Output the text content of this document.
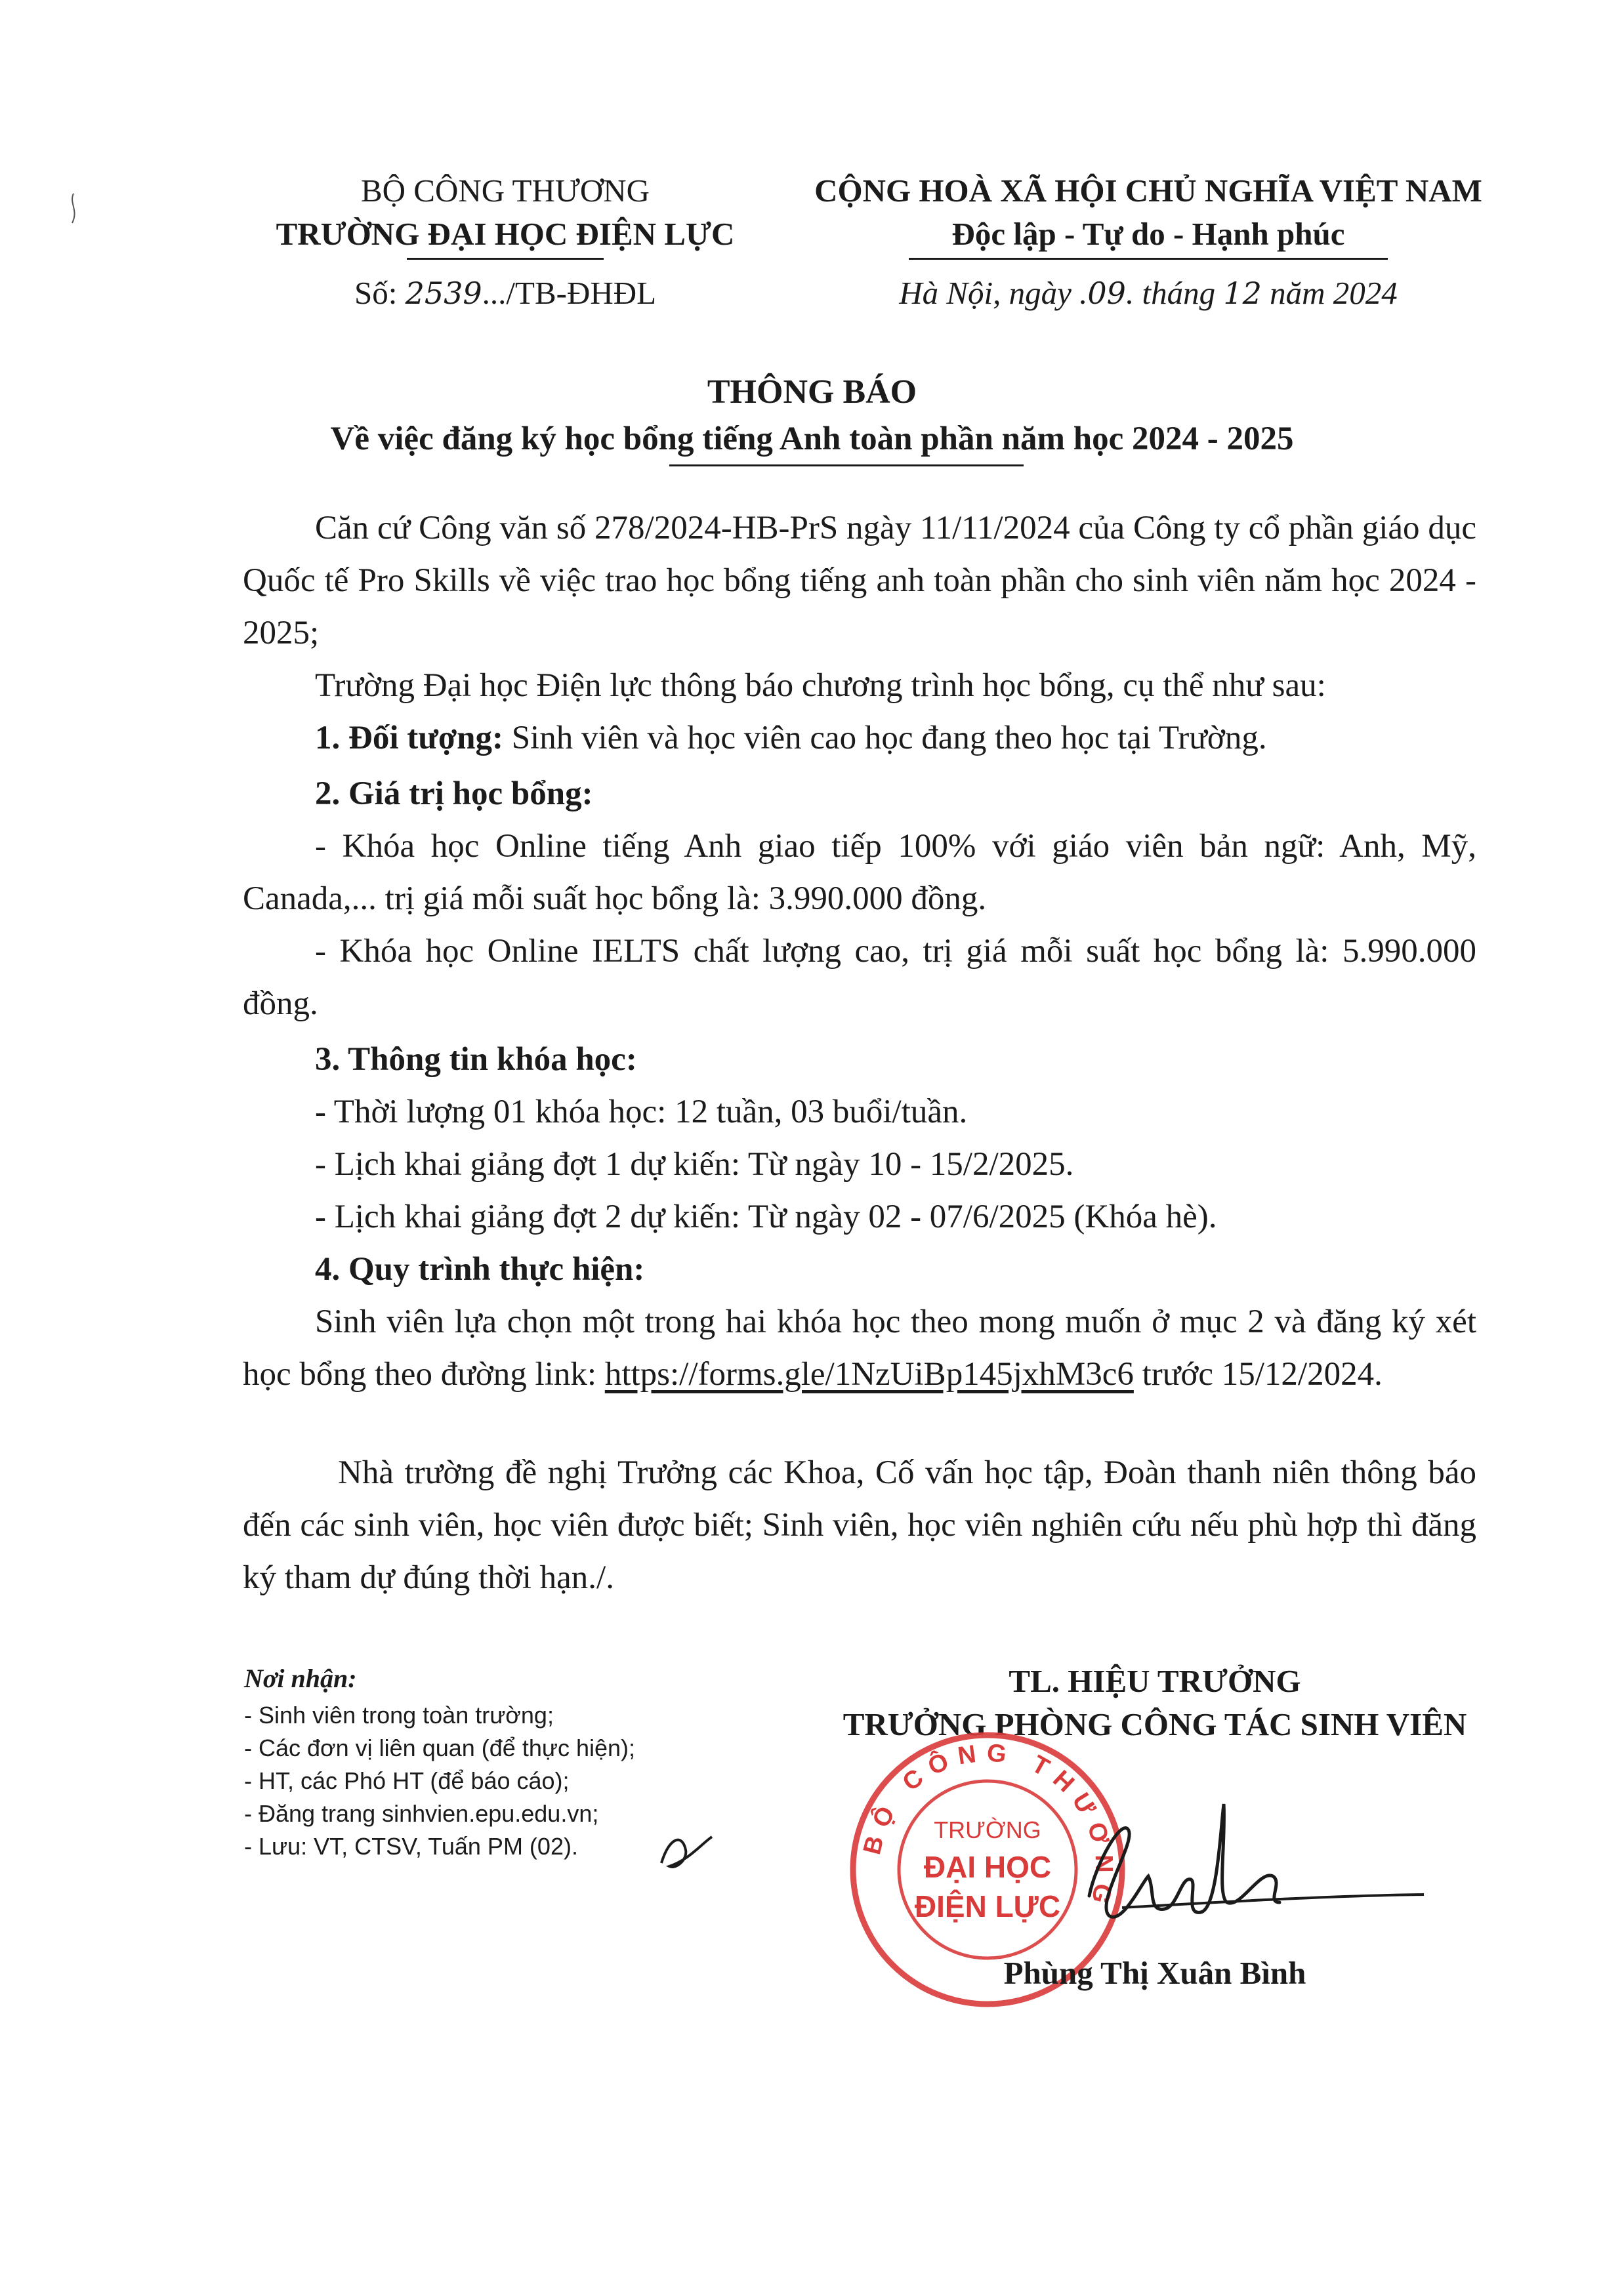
BỘ CÔNG THƯƠNG
TRƯỜNG ĐẠI HỌC ĐIỆN LỰC
Số: 2539.../TB-ĐHĐL
CỘNG HOÀ XÃ HỘI CHỦ NGHĨA VIỆT NAM
Độc lập - Tự do - Hạnh phúc
Hà Nội, ngày .09. tháng 12 năm 2024
THÔNG BÁO
Về việc đăng ký học bổng tiếng Anh toàn phần năm học 2024 - 2025
Căn cứ Công văn số 278/2024-HB-PrS ngày 11/11/2024 của Công ty cổ phần giáo dục Quốc tế Pro Skills về việc trao học bổng tiếng anh toàn phần cho sinh viên năm học 2024 - 2025;
Trường Đại học Điện lực thông báo chương trình học bổng, cụ thể như sau:
1. Đối tượng: Sinh viên và học viên cao học đang theo học tại Trường.
2. Giá trị học bổng:
- Khóa học Online tiếng Anh giao tiếp 100% với giáo viên bản ngữ: Anh, Mỹ, Canada,... trị giá mỗi suất học bổng là: 3.990.000 đồng.
- Khóa học Online IELTS chất lượng cao, trị giá mỗi suất học bổng là: 5.990.000 đồng.
3. Thông tin khóa học:
- Thời lượng 01 khóa học: 12 tuần, 03 buổi/tuần.
- Lịch khai giảng đợt 1 dự kiến: Từ ngày 10 - 15/2/2025.
- Lịch khai giảng đợt 2 dự kiến: Từ ngày 02 - 07/6/2025 (Khóa hè).
4. Quy trình thực hiện:
Sinh viên lựa chọn một trong hai khóa học theo mong muốn ở mục 2 và đăng ký xét học bổng theo đường link: https://forms.gle/1NzUiBp145jxhM3c6 trước 15/12/2024.
Nhà trường đề nghị Trưởng các Khoa, Cố vấn học tập, Đoàn thanh niên thông báo đến các sinh viên, học viên được biết; Sinh viên, học viên nghiên cứu nếu phù hợp thì đăng ký tham dự đúng thời hạn./.
Nơi nhận:
- Sinh viên trong toàn trường;
- Các đơn vị liên quan (để thực hiện);
- HT, các Phó HT (để báo cáo);
- Đăng trang sinhvien.epu.edu.vn;
- Lưu: VT, CTSV, Tuấn PM (02).
TL. HIỆU TRƯỞNG
TRƯỞNG PHÒNG CÔNG TÁC SINH VIÊN
BỘ CÔNG THƯƠNG
TRƯỜNG
ĐẠI HỌC
ĐIỆN LỰC
Phùng Thị Xuân Bình
